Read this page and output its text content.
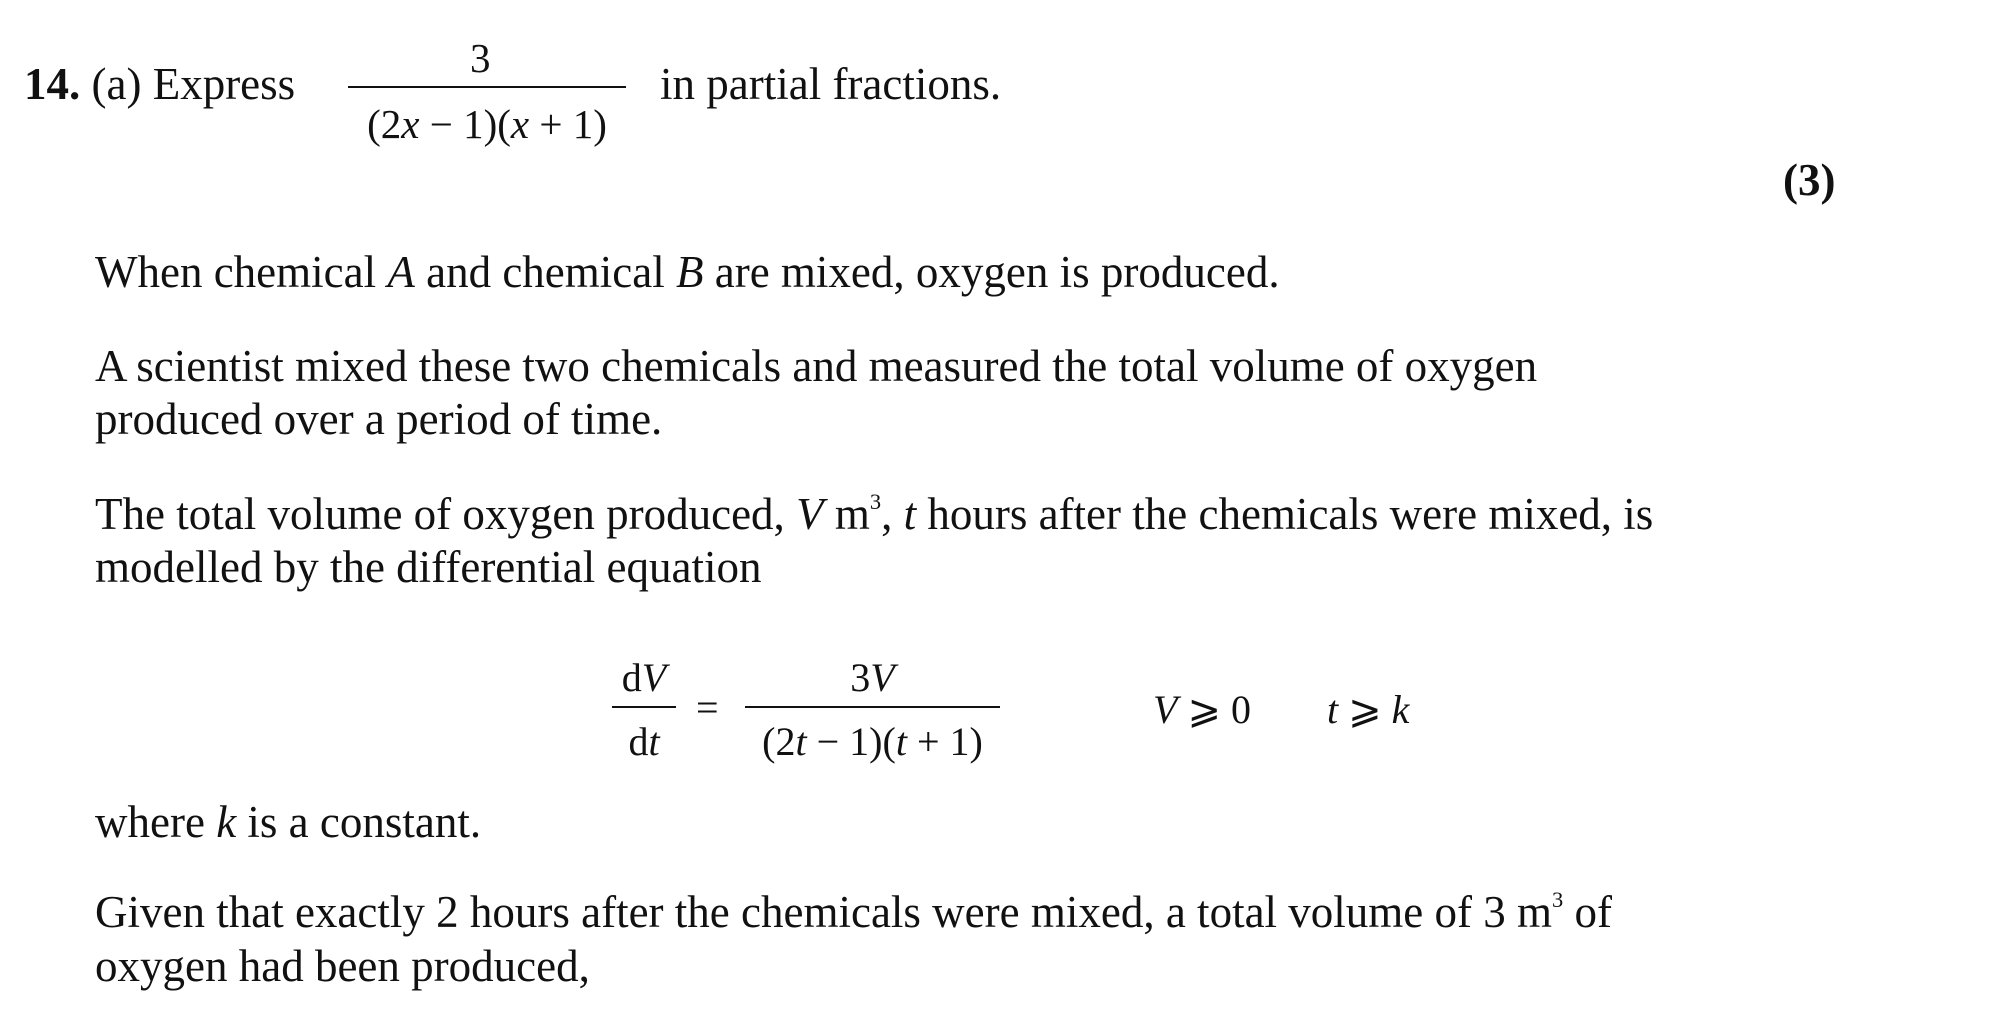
14. (a) Express
3
(2x − 1)(x + 1)
in partial fractions.
(3)
When chemical A and chemical B are mixed, oxygen is produced.
A scientist mixed these two chemicals and measured the total volume of oxygen
produced over a period of time.
The total volume of oxygen produced, V $m^3$, t hours after the chemicals were mixed, is
modelled by the differential equation
dV
dt
=
3V
(2t − 1)(t + 1)
V ⩾ 0 t ⩾ k
where k is a constant.
Given that exactly 2 hours after the chemicals were mixed, a total volume of 3 $m^3$ of
oxygen had been produced,
